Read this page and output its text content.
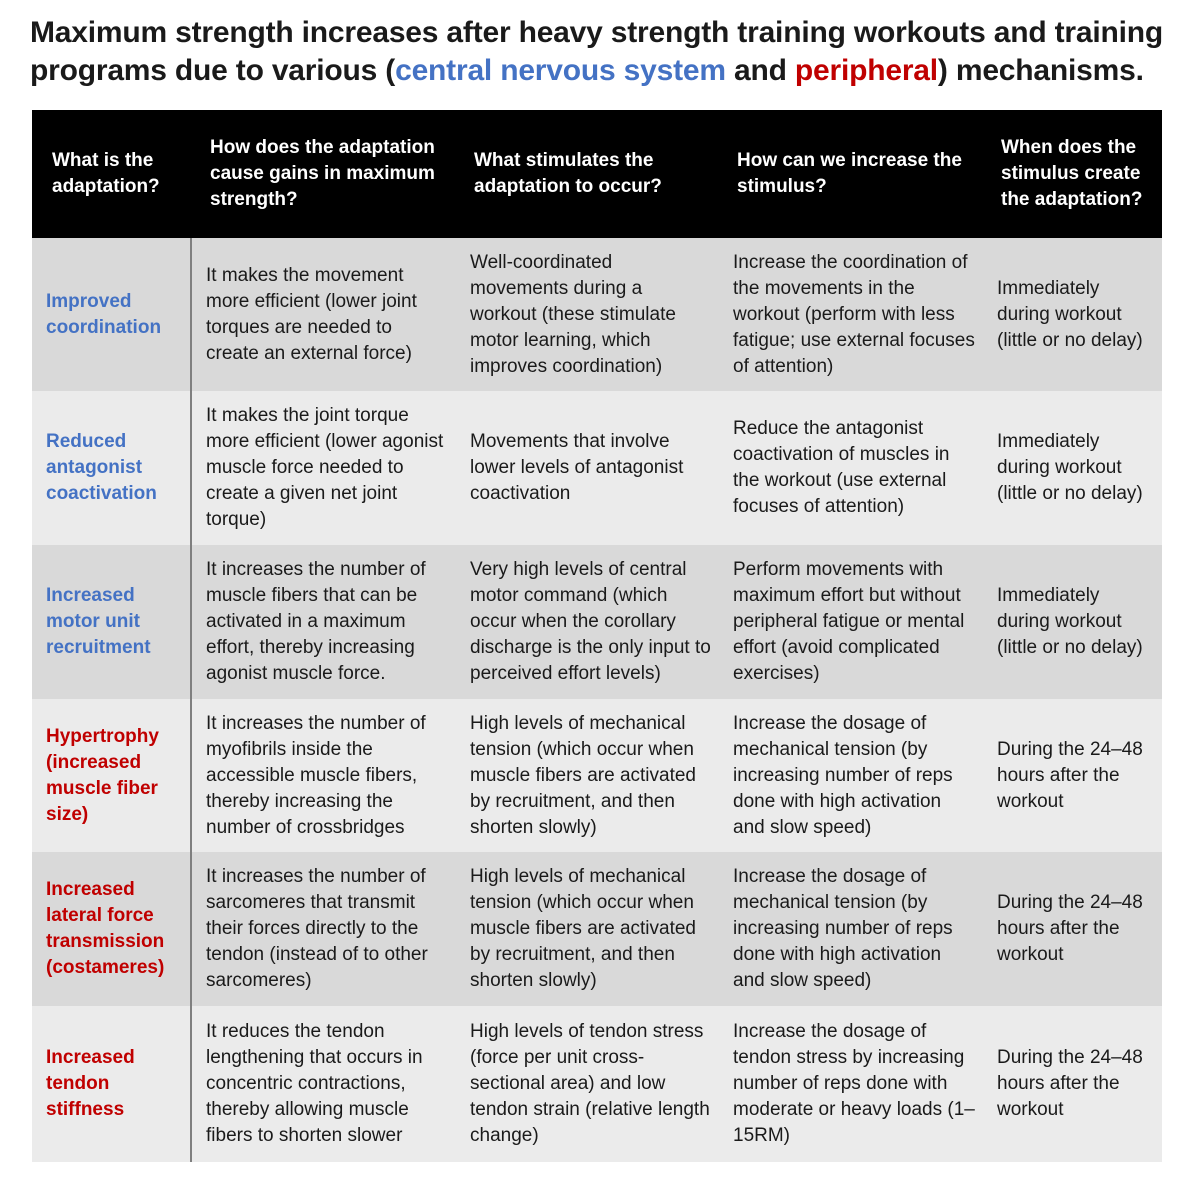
Maximum strength increases after heavy strength training workouts and training programs due to various (central nervous system and peripheral) mechanisms.
What is the adaptation?
How does the adaptation cause gains in maximum strength?
What stimulates the adaptation to occur?
How can we increase the stimulus?
When does the stimulus create the adaptation?
Improved coordination
It makes the movement more efficient (lower joint torques are needed to create an external force)
Well-coordinated movements during a workout (these stimulate motor learning, which improves coordination)
Increase the coordination of the movements in the workout (perform with less fatigue; use external focuses of attention)
Immediately during workout (little or no delay)
Reduced antagonist coactivation
It makes the joint torque more efficient (lower agonist muscle force needed to create a given net joint torque)
Movements that involve lower levels of antagonist coactivation
Reduce the antagonist coactivation of muscles in the workout (use external focuses of attention)
Immediately during workout (little or no delay)
Increased motor unit recruitment
It increases the number of muscle fibers that can be activated in a maximum effort, thereby increasing agonist muscle force.
Very high levels of central motor command (which occur when the corollary discharge is the only input to perceived effort levels)
Perform movements with maximum effort but without peripheral fatigue or mental effort (avoid complicated exercises)
Immediately during workout (little or no delay)
Hypertrophy (increased muscle fiber size)
It increases the number of myofibrils inside the accessible muscle fibers, thereby increasing the number of crossbridges
High levels of mechanical tension (which occur when muscle fibers are activated by recruitment, and then shorten slowly)
Increase the dosage of mechanical tension (by increasing number of reps done with high activation and slow speed)
During the 24–48 hours after the workout
Increased lateral force transmission (costameres)
It increases the number of sarcomeres that transmit their forces directly to the tendon (instead of to other sarcomeres)
High levels of mechanical tension (which occur when muscle fibers are activated by recruitment, and then shorten slowly)
Increase the dosage of mechanical tension (by increasing number of reps done with high activation and slow speed)
During the 24–48 hours after the workout
Increased tendon stiffness
It reduces the tendon lengthening that occurs in concentric contractions, thereby allowing muscle fibers to shorten slower
High levels of tendon stress (force per unit cross-sectional area) and low tendon strain (relative length change)
Increase the dosage of tendon stress by increasing number of reps done with moderate or heavy loads (1–15RM)
During the 24–48 hours after the workout
